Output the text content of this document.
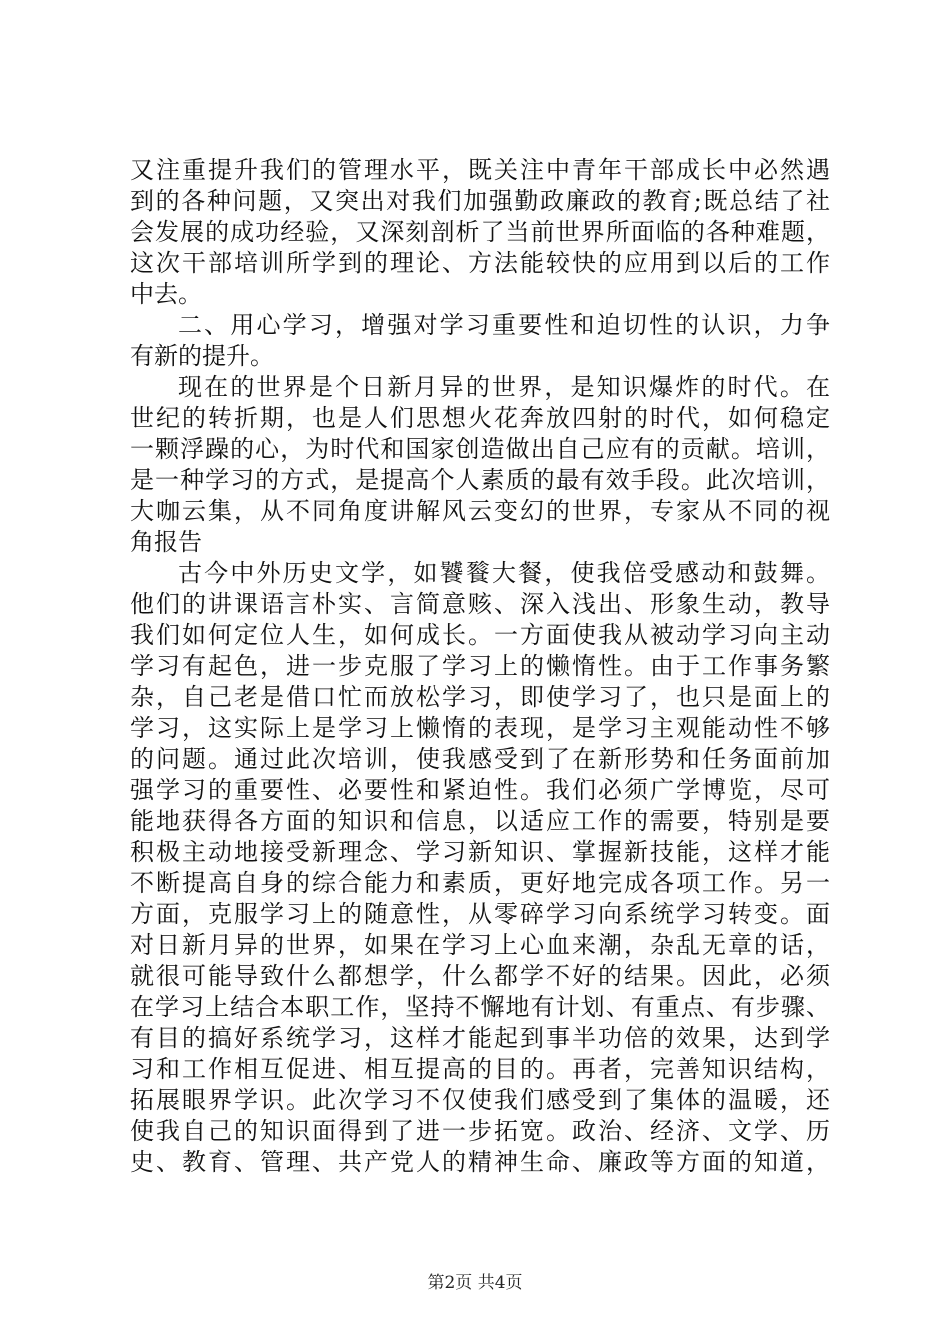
又注重提升我们的管理水平，既关注中青年干部成长中必然遇
到的各种问题，又突出对我们加强勤政廉政的教育;既总结了社
会发展的成功经验，又深刻剖析了当前世界所面临的各种难题，
这次干部培训所学到的理论、方法能较快的应用到以后的工作
中去。
二、用心学习，增强对学习重要性和迫切性的认识，力争
有新的提升。
现在的世界是个日新月异的世界，是知识爆炸的时代。在
世纪的转折期，也是人们思想火花奔放四射的时代，如何稳定
一颗浮躁的心，为时代和国家创造做出自己应有的贡献。培训，
是一种学习的方式，是提高个人素质的最有效手段。此次培训，
大咖云集，从不同角度讲解风云变幻的世界，专家从不同的视
角报告
古今中外历史文学，如饕餮大餐，使我倍受感动和鼓舞。
他们的讲课语言朴实、言简意赅、深入浅出、形象生动，教导
我们如何定位人生，如何成长。一方面使我从被动学习向主动
学习有起色，进一步克服了学习上的懒惰性。由于工作事务繁
杂，自己老是借口忙而放松学习，即使学习了，也只是面上的
学习，这实际上是学习上懒惰的表现，是学习主观能动性不够
的问题。通过此次培训，使我感受到了在新形势和任务面前加
强学习的重要性、必要性和紧迫性。我们必须广学博览，尽可
能地获得各方面的知识和信息，以适应工作的需要，特别是要
积极主动地接受新理念、学习新知识、掌握新技能，这样才能
不断提高自身的综合能力和素质，更好地完成各项工作。另一
方面，克服学习上的随意性，从零碎学习向系统学习转变。面
对日新月异的世界，如果在学习上心血来潮，杂乱无章的话，
就很可能导致什么都想学，什么都学不好的结果。因此，必须
在学习上结合本职工作，坚持不懈地有计划、有重点、有步骤、
有目的搞好系统学习，这样才能起到事半功倍的效果，达到学
习和工作相互促进、相互提高的目的。再者，完善知识结构，
拓展眼界学识。此次学习不仅使我们感受到了集体的温暖，还
使我自己的知识面得到了进一步拓宽。政治、经济、文学、历
史、教育、管理、共产党人的精神生命、廉政等方面的知道，
第2页 共4页
